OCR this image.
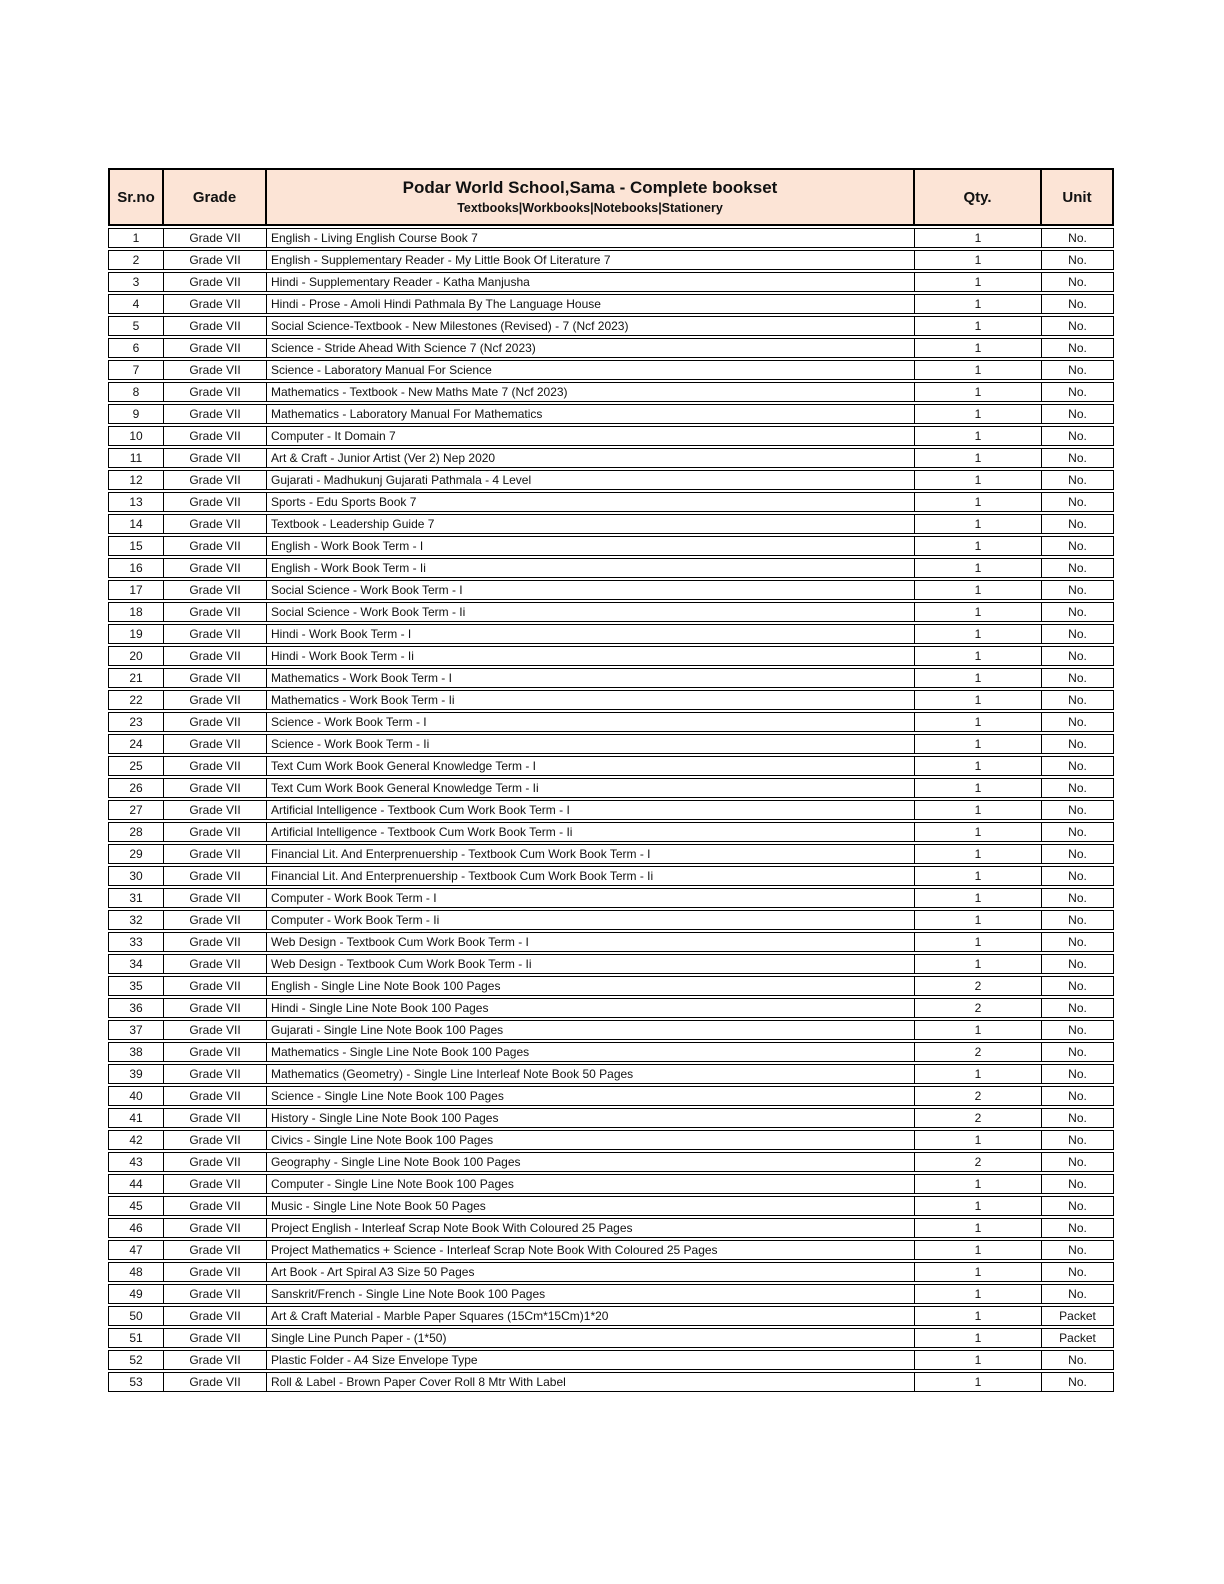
Sr.no	Grade	Podar World School,Sama - Complete bookset
Textbooks|Workbooks|Notebooks|Stationery	Qty.	Unit
1	Grade VII	English - Living English Course Book 7	1	No.
2	Grade VII	English - Supplementary Reader - My Little Book Of Literature 7	1	No.
3	Grade VII	Hindi - Supplementary Reader - Katha Manjusha	1	No.
4	Grade VII	Hindi - Prose - Amoli Hindi Pathmala By The Language House	1	No.
5	Grade VII	Social Science-Textbook - New Milestones (Revised) - 7 (Ncf 2023)	1	No.
6	Grade VII	Science - Stride Ahead With Science 7 (Ncf 2023)	1	No.
7	Grade VII	Science - Laboratory Manual For Science	1	No.
8	Grade VII	Mathematics - Textbook - New Maths Mate 7 (Ncf 2023)	1	No.
9	Grade VII	Mathematics - Laboratory Manual For Mathematics	1	No.
10	Grade VII	Computer - It Domain 7	1	No.
11	Grade VII	Art & Craft - Junior Artist (Ver 2) Nep 2020	1	No.
12	Grade VII	Gujarati - Madhukunj Gujarati Pathmala - 4 Level	1	No.
13	Grade VII	Sports - Edu Sports Book 7	1	No.
14	Grade VII	Textbook - Leadership Guide 7	1	No.
15	Grade VII	English - Work Book Term - I	1	No.
16	Grade VII	English - Work Book Term - Ii	1	No.
17	Grade VII	Social Science - Work Book Term - I	1	No.
18	Grade VII	Social Science - Work Book Term - Ii	1	No.
19	Grade VII	Hindi - Work Book Term - I	1	No.
20	Grade VII	Hindi - Work Book Term - Ii	1	No.
21	Grade VII	Mathematics - Work Book Term - I	1	No.
22	Grade VII	Mathematics - Work Book Term - Ii	1	No.
23	Grade VII	Science - Work Book Term - I	1	No.
24	Grade VII	Science - Work Book Term - Ii	1	No.
25	Grade VII	Text Cum Work Book General Knowledge Term - I	1	No.
26	Grade VII	Text Cum Work Book General Knowledge Term - Ii	1	No.
27	Grade VII	Artificial Intelligence - Textbook Cum Work Book Term - I	1	No.
28	Grade VII	Artificial Intelligence - Textbook Cum Work Book Term - Ii	1	No.
29	Grade VII	Financial Lit. And Enterprenuership - Textbook Cum Work Book Term - I	1	No.
30	Grade VII	Financial Lit. And Enterprenuership - Textbook Cum Work Book Term - Ii	1	No.
31	Grade VII	Computer - Work Book Term - I	1	No.
32	Grade VII	Computer - Work Book Term - Ii	1	No.
33	Grade VII	Web Design - Textbook Cum Work Book Term - I	1	No.
34	Grade VII	Web Design - Textbook Cum Work Book Term - Ii	1	No.
35	Grade VII	English - Single Line Note Book 100 Pages	2	No.
36	Grade VII	Hindi - Single Line Note Book 100 Pages	2	No.
37	Grade VII	Gujarati - Single Line Note Book 100 Pages	1	No.
38	Grade VII	Mathematics - Single Line Note Book 100 Pages	2	No.
39	Grade VII	Mathematics (Geometry) - Single Line Interleaf Note Book 50 Pages	1	No.
40	Grade VII	Science - Single Line Note Book 100 Pages	2	No.
41	Grade VII	History - Single Line Note Book 100 Pages	2	No.
42	Grade VII	Civics - Single Line Note Book 100 Pages	1	No.
43	Grade VII	Geography - Single Line Note Book 100 Pages	2	No.
44	Grade VII	Computer - Single Line Note Book 100 Pages	1	No.
45	Grade VII	Music - Single Line Note Book 50 Pages	1	No.
46	Grade VII	Project English - Interleaf Scrap Note Book With Coloured 25 Pages	1	No.
47	Grade VII	Project Mathematics + Science - Interleaf Scrap Note Book With Coloured 25 Pages	1	No.
48	Grade VII	Art Book - Art Spiral A3 Size 50 Pages	1	No.
49	Grade VII	Sanskrit/French - Single Line Note Book 100 Pages	1	No.
50	Grade VII	Art & Craft Material - Marble Paper Squares (15Cm*15Cm)1*20	1	Packet
51	Grade VII	Single Line Punch Paper - (1*50)	1	Packet
52	Grade VII	Plastic Folder - A4 Size Envelope Type	1	No.
53	Grade VII	Roll & Label - Brown Paper Cover Roll 8 Mtr With Label	1	No.
